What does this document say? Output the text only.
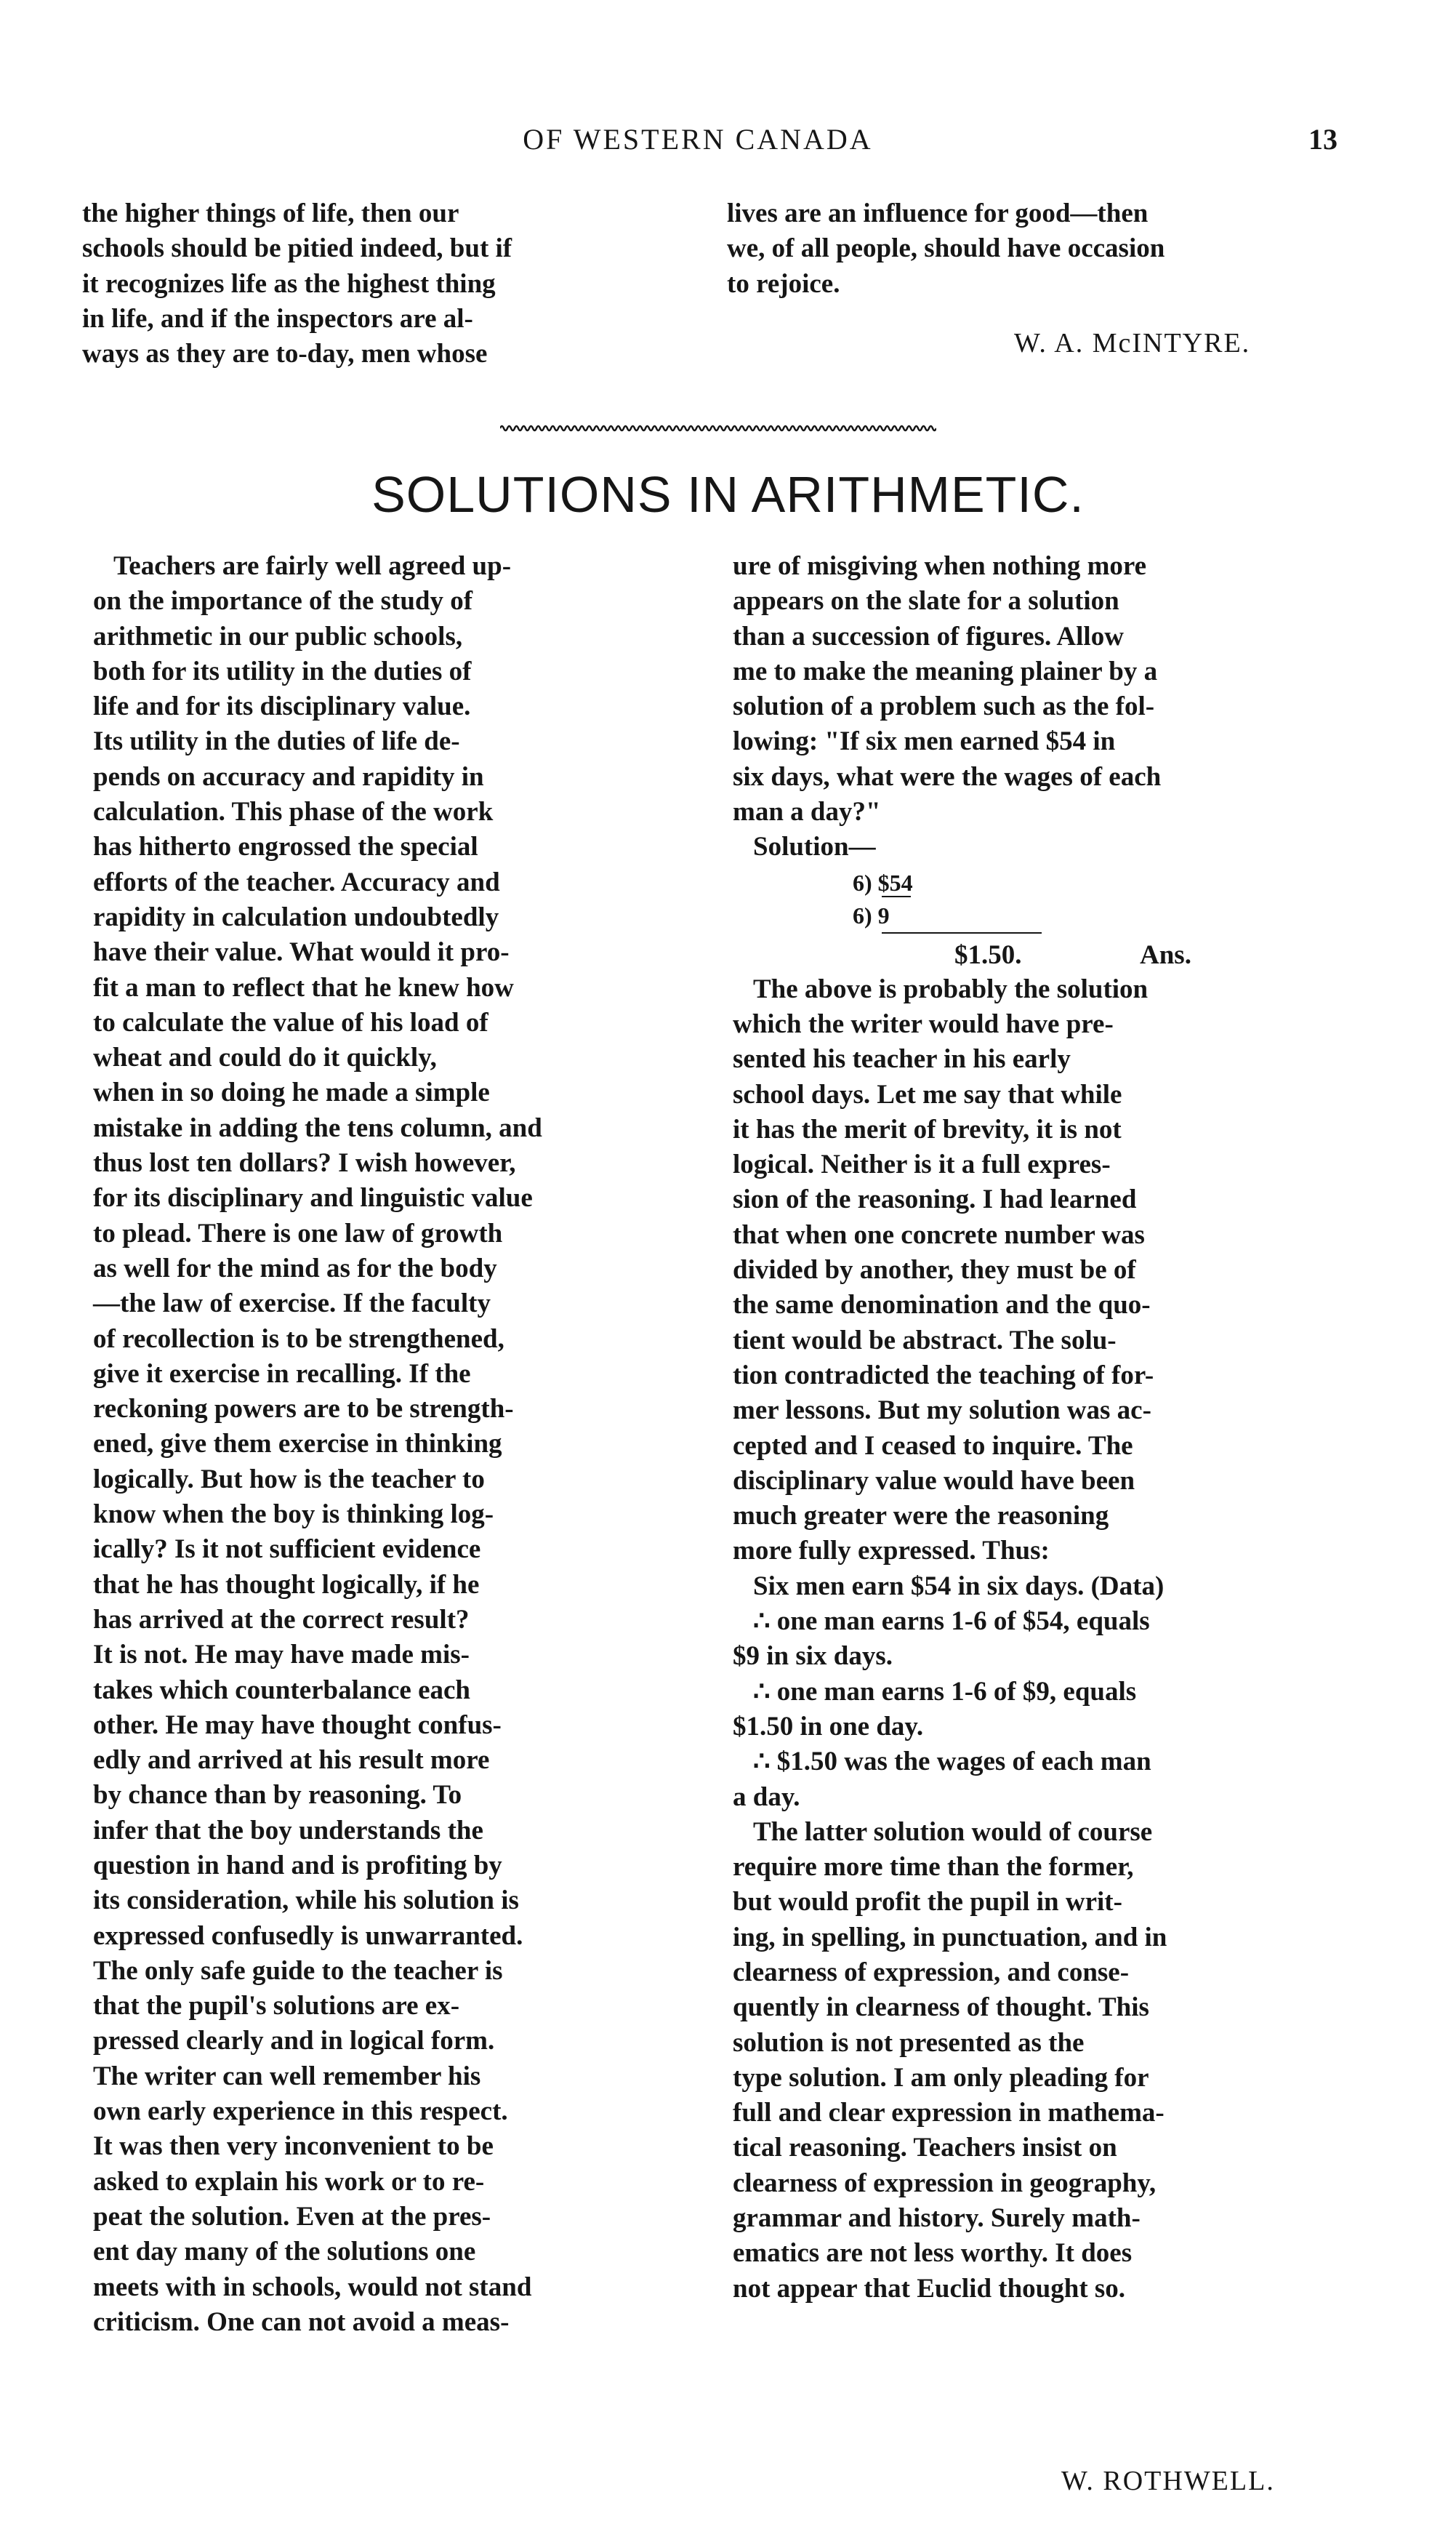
OF WESTERN CANADA	13
the higher things of life, then our
schools should be pitied indeed, but if
it recognizes life as the highest thing
in life, and if the inspectors are al-
ways as they are to-day, men whose
lives are an influence for good—then
we, of all people, should have occasion
to rejoice.
W. A. McINTYRE.
SOLUTIONS IN ARITHMETIC.
Teachers are fairly well agreed up-
on the importance of the study of
arithmetic in our public schools,
both for its utility in the duties of
life and for its disciplinary value.
Its utility in the duties of life de-
pends on accuracy and rapidity in
calculation. This phase of the work
has hitherto engrossed the special
efforts of the teacher. Accuracy and
rapidity in calculation undoubtedly
have their value. What would it pro-
fit a man to reflect that he knew how
to calculate the value of his load of
wheat and could do it quickly,
when in so doing he made a simple
mistake in adding the tens column, and
thus lost ten dollars? I wish however,
for its disciplinary and linguistic value
to plead. There is one law of growth
as well for the mind as for the body
—the law of exercise. If the faculty
of recollection is to be strengthened,
give it exercise in recalling. If the
reckoning powers are to be strength-
ened, give them exercise in thinking
logically. But how is the teacher to
know when the boy is thinking log-
ically? Is it not sufficient evidence
that he has thought logically, if he
has arrived at the correct result?
It is not. He may have made mis-
takes which counterbalance each
other. He may have thought confus-
edly and arrived at his result more
by chance than by reasoning. To
infer that the boy understands the
question in hand and is profiting by
its consideration, while his solution is
expressed confusedly is unwarranted.
The only safe guide to the teacher is
that the pupil's solutions are ex-
pressed clearly and in logical form.
The writer can well remember his
own early experience in this respect.
It was then very inconvenient to be
asked to explain his work or to re-
peat the solution. Even at the pres-
ent day many of the solutions one
meets with in schools, would not stand
criticism. One can not avoid a meas-
ure of misgiving when nothing more
appears on the slate for a solution
than a succession of figures. Allow
me to make the meaning plainer by a
solution of a problem such as the fol-
lowing: "If six men earned $54 in
six days, what were the wages of each
man a day?"
Solution—
6) $54
6) 9
$1.50.	Ans.
The above is probably the solution
which the writer would have pre-
sented his teacher in his early
school days. Let me say that while
it has the merit of brevity, it is not
logical. Neither is it a full expres-
sion of the reasoning. I had learned
that when one concrete number was
divided by another, they must be of
the same denomination and the quo-
tient would be abstract. The solu-
tion contradicted the teaching of for-
mer lessons. But my solution was ac-
cepted and I ceased to inquire. The
disciplinary value would have been
much greater were the reasoning
more fully expressed. Thus:
Six men earn $54 in six days. (Data)
∴ one man earns 1-6 of $54, equals
$9 in six days.
∴ one man earns 1-6 of $9, equals
$1.50 in one day.
∴ $1.50 was the wages of each man
a day.
The latter solution would of course
require more time than the former,
but would profit the pupil in writ-
ing, in spelling, in punctuation, and in
clearness of expression, and conse-
quently in clearness of thought. This
solution is not presented as the
type solution. I am only pleading for
full and clear expression in mathema-
tical reasoning. Teachers insist on
clearness of expression in geography,
grammar and history. Surely math-
ematics are not less worthy. It does
not appear that Euclid thought so.
W. ROTHWELL.
